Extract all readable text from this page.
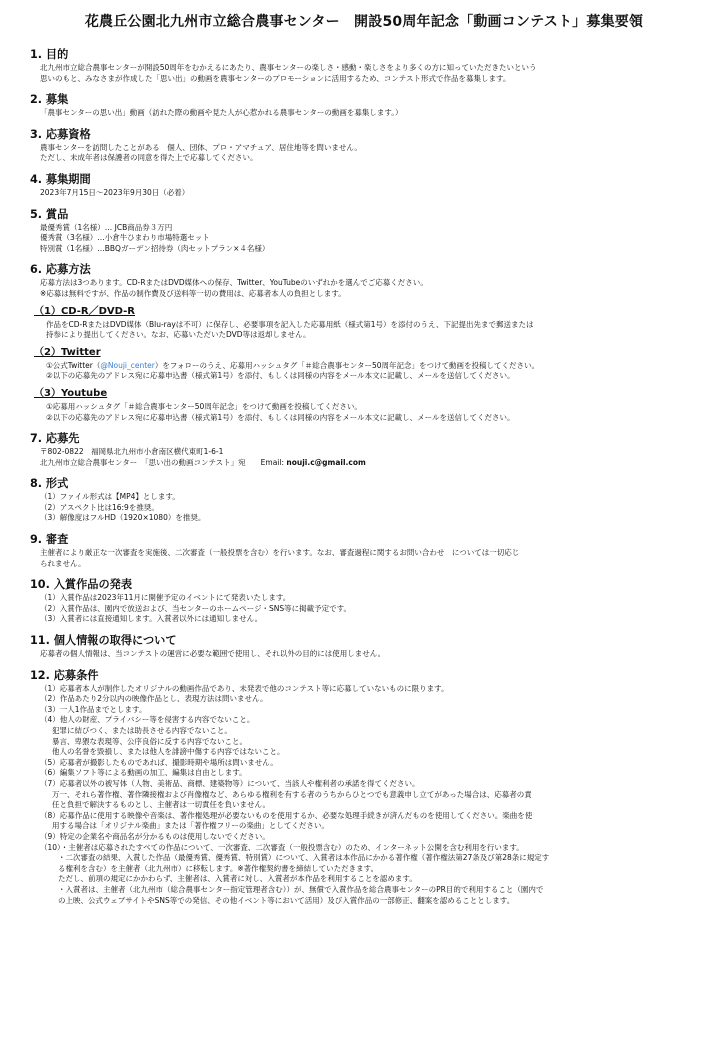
花農丘公園北九州市立総合農事センター　開設50周年記念「動画コンテスト」募集要領
1. 目的
北九州市立総合農事センターが開設50周年をむかえるにあたり、農事センターの楽しさ・感動・楽しさをより多くの方に知っていただきたいという
思いのもと、みなさまが作成した「思い出」の動画を農事センターのプロモーションに活用するため、コンテスト形式で作品を募集します。
2. 募集
「農事センターの思い出」動画（訪れた際の動画や見た人が心惹かれる農事センターの動画を募集します。）
3. 応募資格
農事センターを訪問したことがある　個人、団体、プロ・アマチュア、居住地等を問いません。
ただし、未成年者は保護者の同意を得た上で応募してください。
4. 募集期間
2023年7月15日～2023年9月30日（必着）
5. 賞品
最優秀賞（1名様）… JCB商品券３万円
優秀賞（3名様）…小倉牛ひまわり市場特選セット
特別賞（1名様）…BBQガーデン招待券（肉セットプラン×４名様）
6. 応募方法
応募方法は3つあります。CD-RまたはDVD媒体への保存、Twitter、YouTubeのいずれかを選んでご応募ください。
※応募は無料ですが、作品の制作費及び送料等一切の費用は、応募者本人の負担とします。
（1）CD-R／DVD-R
作品をCD-RまたはDVD媒体（Blu-rayは不可）に保存し、必要事項を記入した応募用紙（様式第1号）を添付のうえ、下記提出先まで郵送または
持参により提出してください。なお、応募いただいたDVD等は返却しません。
（2）Twitter
①公式Twitter（@Nouji_center）をフォローのうえ、応募用ハッシュタグ「＃総合農事センター50周年記念」をつけて動画を投稿してください。
②以下の応募先のアドレス宛に応募申込書（様式第1号）を添付、もしくは同様の内容をメール本文に記載し、メールを送信してください。
（3）Youtube
①応募用ハッシュタグ「＃総合農事センター50周年記念」をつけて動画を投稿してください。
②以下の応募先のアドレス宛に応募申込書（様式第1号）を添付、もしくは同様の内容をメール本文に記載し、メールを送信してください。
7. 応募先
〒802-0822　福岡県北九州市小倉南区横代東町1-6-1
北九州市立総合農事センター　「思い出の動画コンテスト」宛　　 Email: nouji.c@gmail.com
8. 形式
（1）ファイル形式は【MP4】とします。
（2）アスペクト比は16:9を推奨。
（3）解像度はフルHD（1920×1080）を推奨。
9. 審査
主催者により厳正な一次審査を実施後、二次審査（一般投票を含む）を行います。なお、審査過程に関するお問い合わせ　については一切応じ
られません。
10. 入賞作品の発表
（1）入賞作品は2023年11月に開催予定のイベントにて発表いたします。
（2）入賞作品は、園内で放送および、当センターのホームページ・SNS等に掲載予定です。
（3）入賞者には直接通知します。入賞者以外には通知しません。
11. 個人情報の取得について
応募者の個人情報は、当コンテストの運営に必要な範囲で使用し、それ以外の目的には使用しません。
12. 応募条件
（1）応募者本人が制作したオリジナルの動画作品であり、未発表で他のコンテスト等に応募していないものに限ります。
（2）作品あたり2分以内の映像作品とし、表現方法は問いません。
（3）一人1作品までとします。
（4）他人の財産、プライバシー等を侵害する内容でないこと。
犯罪に結びつく、または助長させる内容でないこと。
暴言、卑猥な表現等、公序良俗に反する内容でないこと。
他人の名誉を毀損し、または他人を誹謗中傷する内容ではないこと。
（5）応募者が撮影したものであれば、撮影時期や場所は問いません。
（6）編集ソフト等による動画の加工、編集は自由とします。
（7）応募者以外の被写体（人物、美術品、商標、建築物等）について、当該人や権利者の承諾を得てください。
万一、それら著作権、著作隣接権および肖像権など、あらゆる権利を有する者のうちからひとつでも意義申し立てがあった場合は、応募者の責
任と負担で解決するものとし、主催者は一切責任を負いません。
（8）応募作品に使用する映像や音楽は、著作権処理が必要ないものを使用するか、必要な処理手続きが済んだものを使用してください。楽曲を使
用する場合は「オリジナル楽曲」または「著作権フリーの楽曲」としてください。
（9）特定の企業名や商品名が分かるものは使用しないでください。
（10）・主催者は応募されたすべての作品について、一次審査、二次審査（一般投票含む）のため、インターネット公開を含む利用を行います。
・二次審査の結果、入賞した作品（最優秀賞、優秀賞、特別賞）について、入賞者は本作品にかかる著作権（著作権法第27条及び第28条に規定す
る権利を含む）を主催者（北九州市）に移転します。※著作権契約書を締結していただきます。
ただし、前項の規定にかかわらず、主催者は、入賞者に対し、入賞者が本作品を利用することを認めます。
・入賞者は、主催者（北九州市（総合農事センター指定管理者含む））が、無償で入賞作品を総合農事センターのPR目的で利用すること（園内で
の上映、公式ウェブサイトやSNS等での発信、その他イベント等において活用）及び入賞作品の一部修正、翻案を認めることとします。
